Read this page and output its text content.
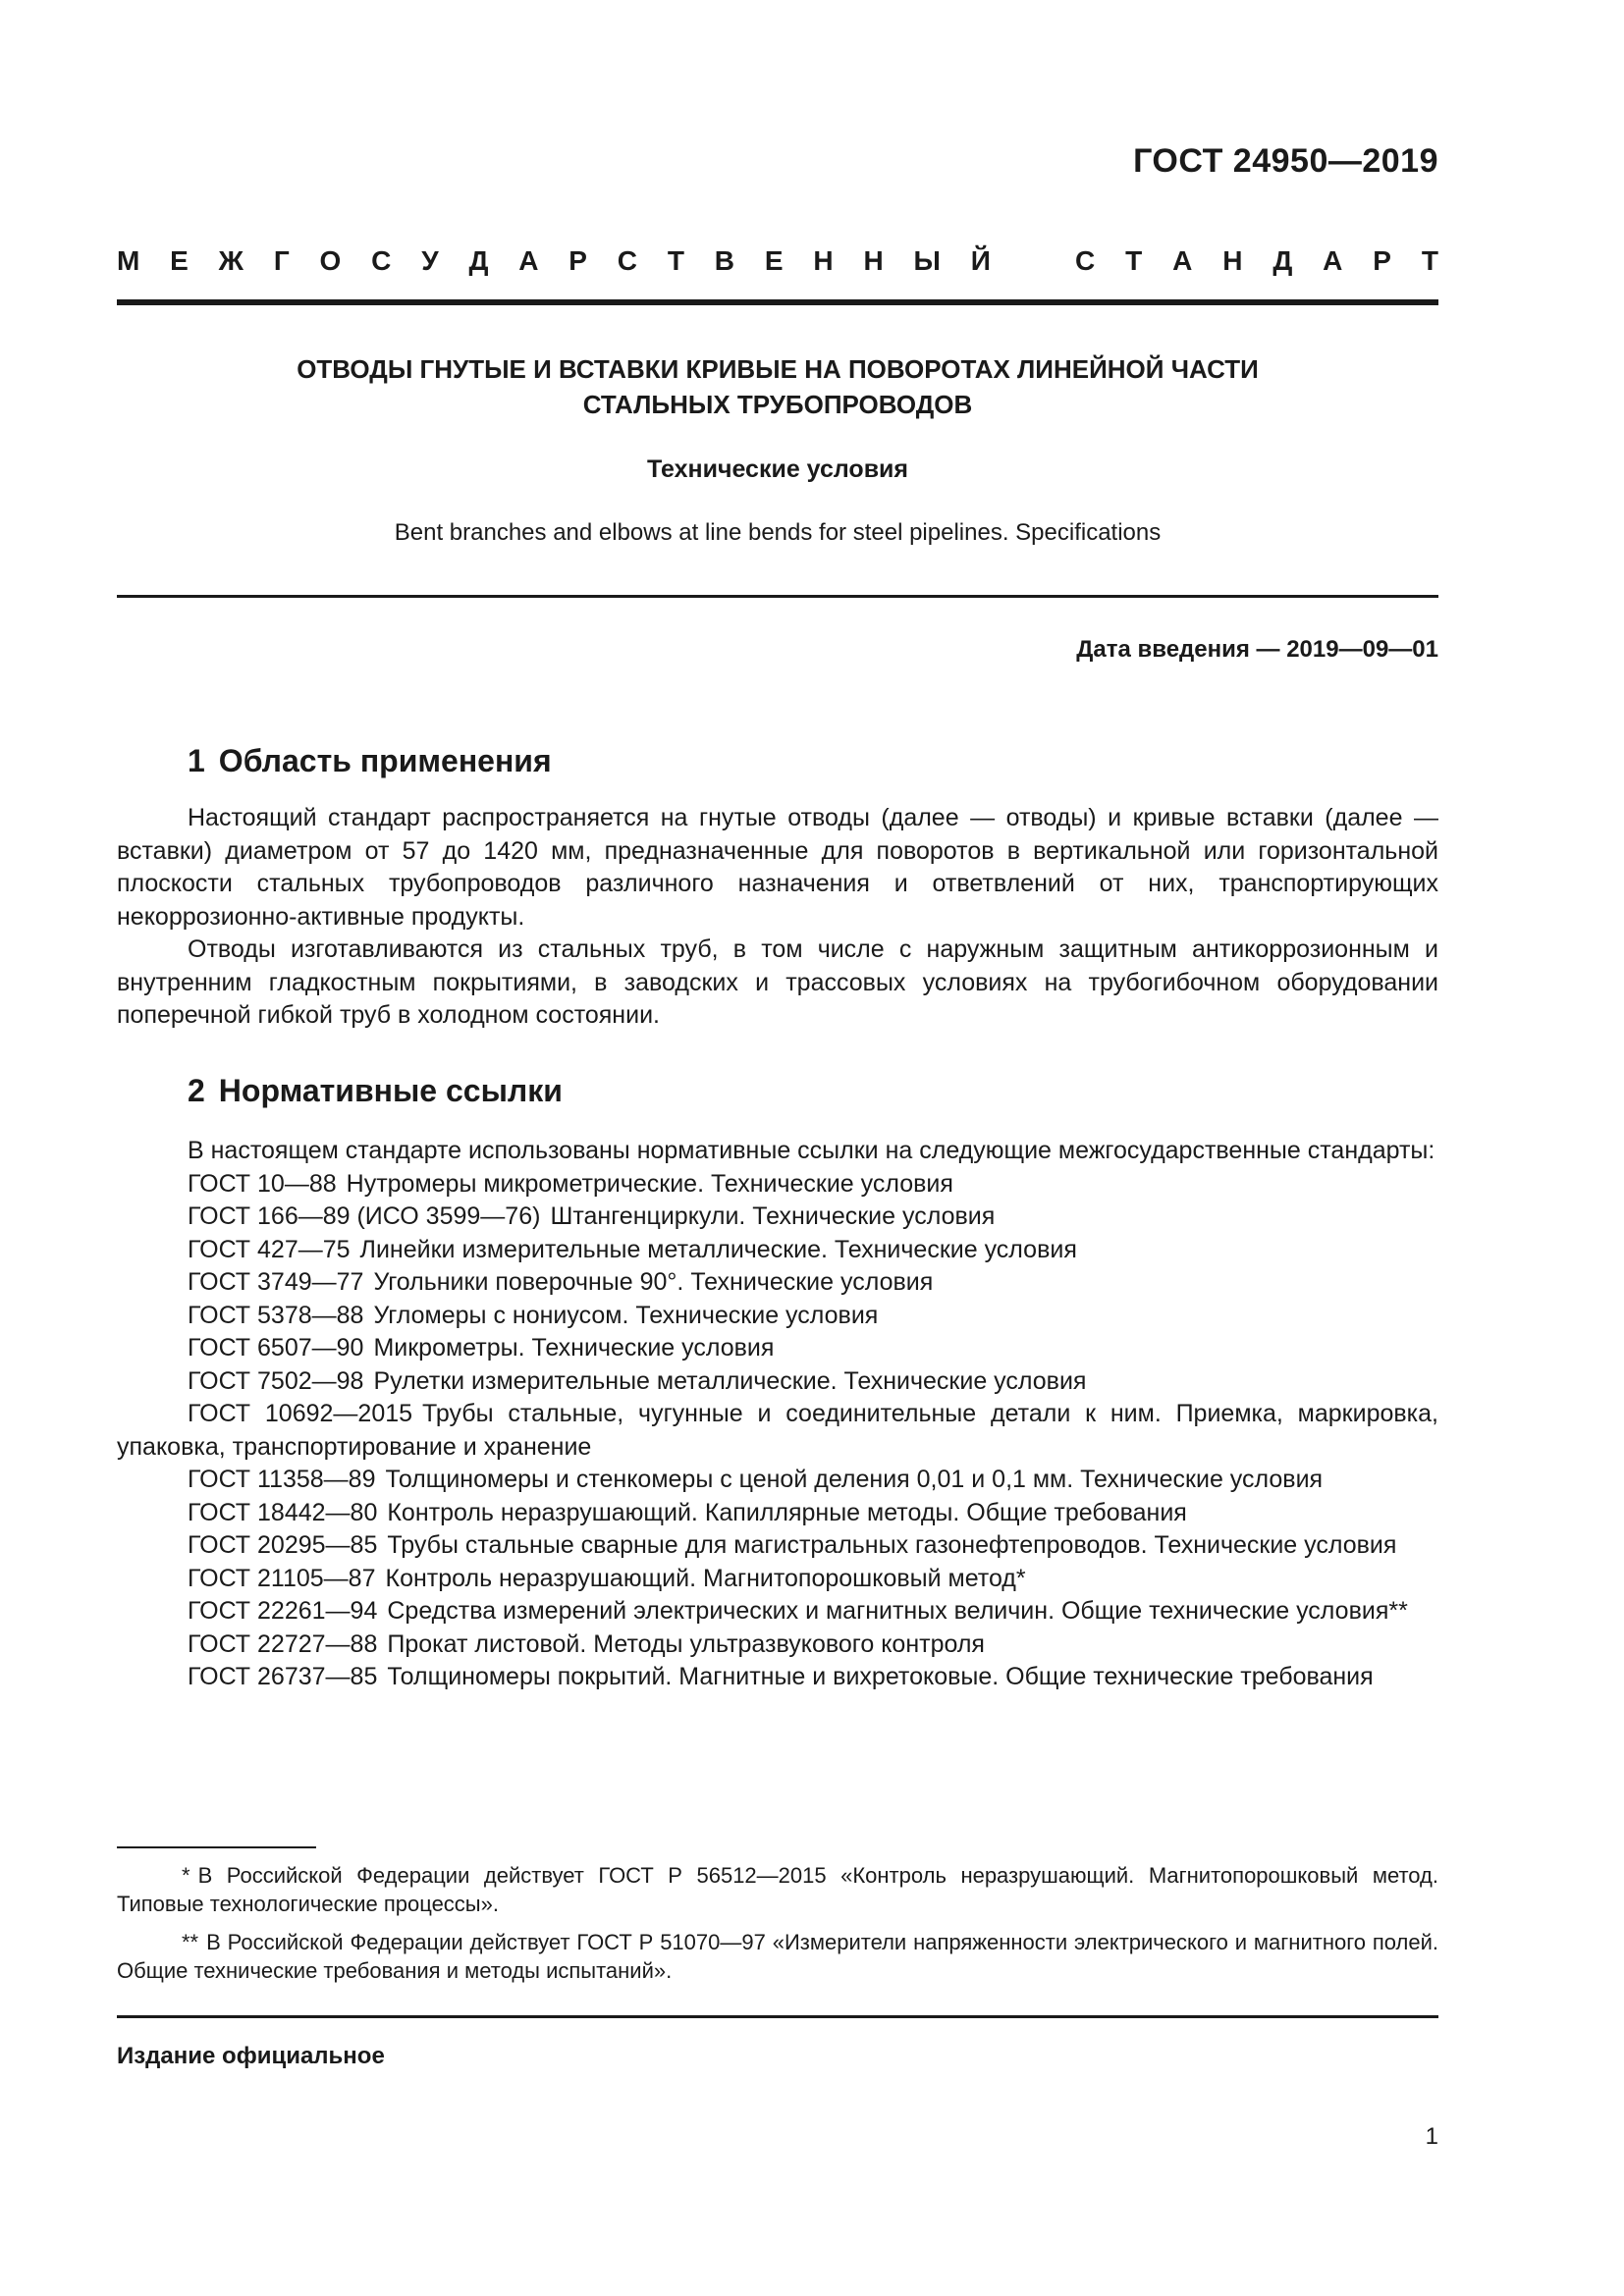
ГОСТ 24950—2019
М Е Ж Г О С У Д А Р С Т В Е Н Н Ы Й	С Т А Н Д А Р Т
ОТВОДЫ ГНУТЫЕ И ВСТАВКИ КРИВЫЕ НА ПОВОРОТАХ ЛИНЕЙНОЙ ЧАСТИ
СТАЛЬНЫХ ТРУБОПРОВОДОВ
Технические условия
Bent branches and elbows at line bends for steel pipelines. Specifications
Дата введения — 2019—09—01
1 Область применения

Настоящий стандарт распространяется на гнутые отводы (далее — отводы) и кривые вставки (далее — вставки) диаметром от 57 до 1420 мм, предназначенные для поворотов в вертикальной или горизонтальной плоскости стальных трубопроводов различного назначения и ответвлений от них, транспортирующих некоррозионно-активные продукты.

Отводы изготавливаются из стальных труб, в том числе с наружным защитным антикоррозионным и внутренним гладкостным покрытиями, в заводских и трассовых условиях на трубогибочном оборудовании поперечной гибкой труб в холодном состоянии.

2 Нормативные ссылки

В настоящем стандарте использованы нормативные ссылки на следующие межгосударственные стандарты:

ГОСТ 10—88 Нутромеры микрометрические. Технические условия

ГОСТ 166—89 (ИСО 3599—76) Штангенциркули. Технические условия

ГОСТ 427—75 Линейки измерительные металлические. Технические условия

ГОСТ 3749—77 Угольники поверочные 90°. Технические условия

ГОСТ 5378—88 Угломеры с нониусом. Технические условия

ГОСТ 6507—90 Микрометры. Технические условия

ГОСТ 7502—98 Рулетки измерительные металлические. Технические условия

ГОСТ 10692—2015 Трубы стальные, чугунные и соединительные детали к ним. Приемка, маркировка, упаковка, транспортирование и хранение

ГОСТ 11358—89 Толщиномеры и стенкомеры с ценой деления 0,01 и 0,1 мм. Технические условия

ГОСТ 18442—80 Контроль неразрушающий. Капиллярные методы. Общие требования

ГОСТ 20295—85 Трубы стальные сварные для магистральных газонефтепроводов. Технические условия

ГОСТ 21105—87 Контроль неразрушающий. Магнитопорошковый метод*

ГОСТ 22261—94 Средства измерений электрических и магнитных величин. Общие технические условия**

ГОСТ 22727—88 Прокат листовой. Методы ультразвукового контроля

ГОСТ 26737—85 Толщиномеры покрытий. Магнитные и вихретоковые. Общие технические требования

* В Российской Федерации действует ГОСТ Р 56512—2015 «Контроль неразрушающий. Магнитопорошковый метод. Типовые технологические процессы».

** В Российской Федерации действует ГОСТ Р 51070—97 «Измерители напряженности электрического и магнитного полей. Общие технические требования и методы испытаний».

Издание официальное
1
